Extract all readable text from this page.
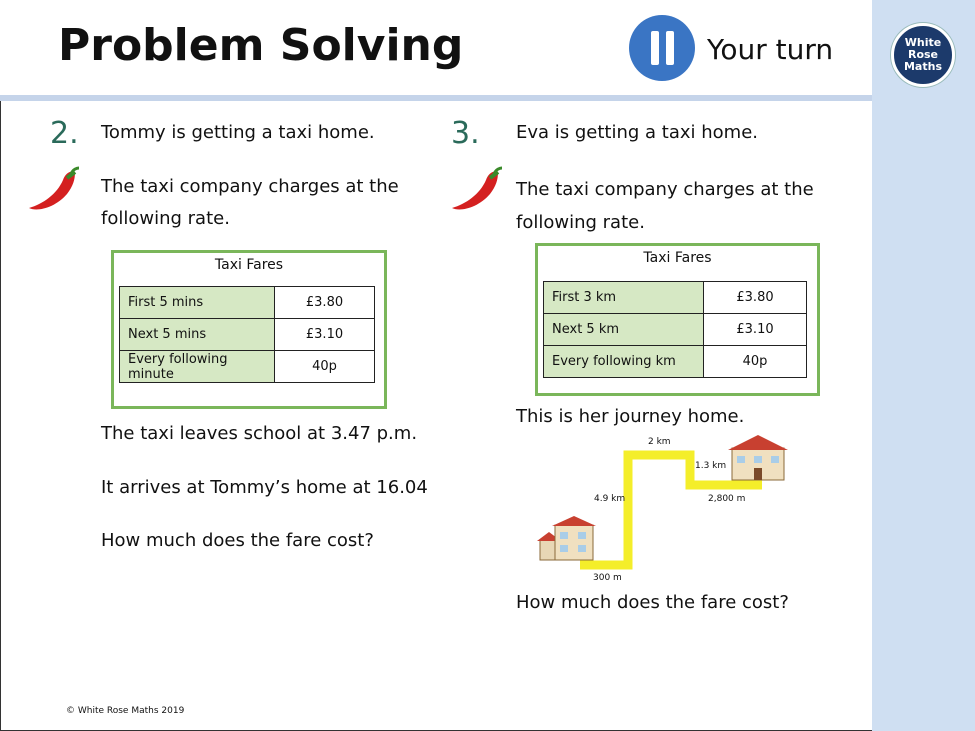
Problem Solving	Your turn	White
Rose
Maths
2. Tommy is getting a taxi home.
The taxi company charges at the
following rate.
Taxi Fares
First 5 mins	£3.80
Next 5 mins	£3.10
Every following minute	40p
The taxi leaves school at 3.47 p.m.
It arrives at Tommy’s home at 16.04
How much does the fare cost?
3. Eva is getting a taxi home.
The taxi company charges at the
following rate.
Taxi Fares
First 3 km	£3.80
Next 5 km	£3.10
Every following km	40p
This is her journey home.
2 km
1.3 km
4.9 km	2,800 m
300 m
How much does the fare cost?
© White Rose Maths 2019
